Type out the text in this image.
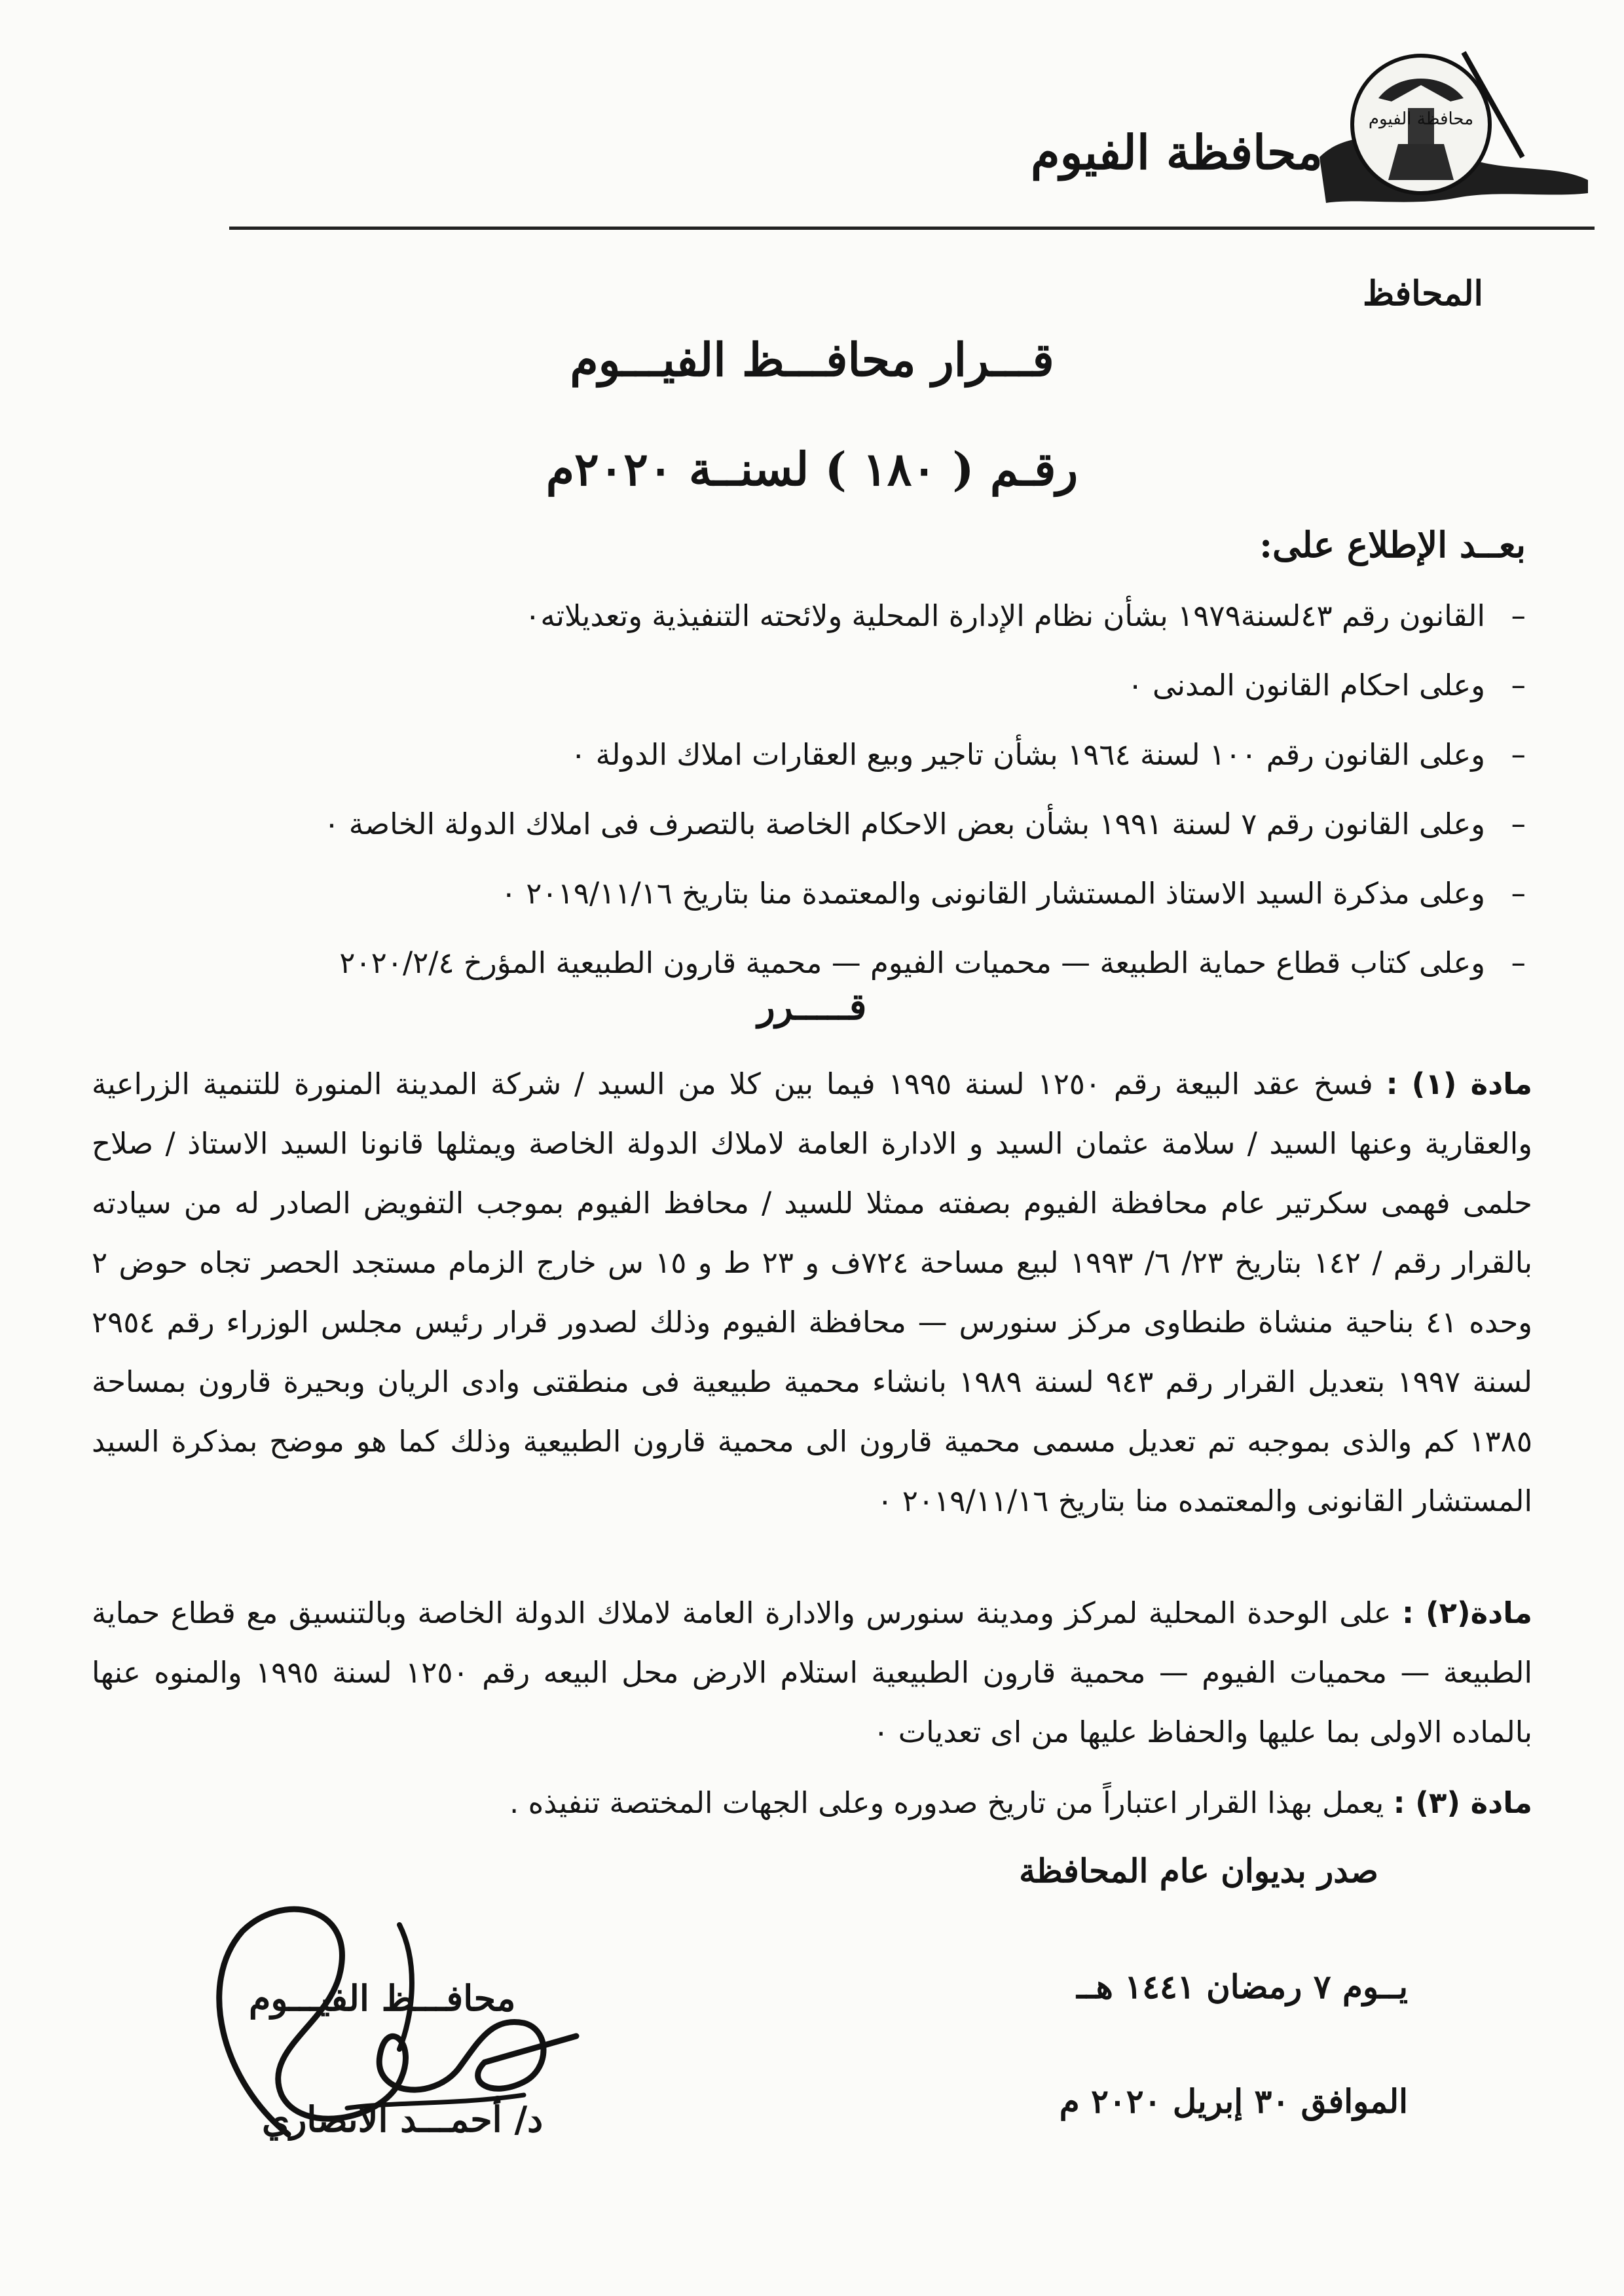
محافظة الفيوم
محافظة الفيوم
المحافظ
قـــرار محافـــظ الفيـــوم
رقـم ( ١٨٠ ) لسنــة ٢٠٢٠م
بعــد الإطلاع على:
–القانون رقم ٤٣لسنة١٩٧٩ بشأن نظام الإدارة المحلية ولائحته التنفيذية وتعديلاته٠
–وعلى احكام القانون المدنى ٠
–وعلى القانون رقم ١٠٠ لسنة ١٩٦٤ بشأن تاجير وبيع العقارات املاك الدولة ٠
–وعلى القانون رقم ٧ لسنة ١٩٩١ بشأن بعض الاحكام الخاصة بالتصرف فى املاك الدولة الخاصة ٠
–وعلى مذكرة السيد الاستاذ المستشار القانونى والمعتمدة منا بتاريخ ٢٠١٩/١١/١٦ ٠
–وعلى كتاب قطاع حماية الطبيعة — محميات الفيوم — محمية قارون الطبيعية المؤرخ ٢٠٢٠/٢/٤
قـــــرر
مادة (١) : فسخ عقد البيعة رقم ١٢٥٠ لسنة ١٩٩٥ فيما بين كلا من السيد / شركة المدينة المنورة للتنمية الزراعية والعقارية وعنها السيد / سلامة عثمان السيد و الادارة العامة لاملاك الدولة الخاصة ويمثلها قانونا السيد الاستاذ / صلاح حلمى فهمى سكرتير عام محافظة الفيوم بصفته ممثلا للسيد / محافظ الفيوم بموجب التفويض الصادر له من سيادته بالقرار رقم / ١٤٢ بتاريخ ٢٣/ ٦/ ١٩٩٣ لبيع مساحة ٧٢٤ف و ٢٣ ط و ١٥ س خارج الزمام مستجد الحصر تجاه حوض ٢ وحده ٤١ بناحية منشاة طنطاوى مركز سنورس — محافظة الفيوم وذلك لصدور قرار رئيس مجلس الوزراء رقم ٢٩٥٤ لسنة ١٩٩٧ بتعديل القرار رقم ٩٤٣ لسنة ١٩٨٩ بانشاء محمية طبيعية فى منطقتى وادى الريان وبحيرة قارون بمساحة ١٣٨٥ كم والذى بموجبه تم تعديل مسمى محمية قارون الى محمية قارون الطبيعية وذلك كما هو موضح بمذكرة السيد المستشار القانونى والمعتمده منا بتاريخ ٢٠١٩/١١/١٦ ٠
مادة(٢) : على الوحدة المحلية لمركز ومدينة سنورس والادارة العامة لاملاك الدولة الخاصة وبالتنسيق مع قطاع حماية الطبيعة — محميات الفيوم — محمية قارون الطبيعية استلام الارض محل البيعه رقم ١٢٥٠ لسنة ١٩٩٥ والمنوه عنها بالماده الاولى بما عليها والحفاظ عليها من اى تعديات ٠
مادة (٣) : يعمل بهذا القرار اعتباراً من تاريخ صدوره وعلى الجهات المختصة تنفيذه .
صدر بديوان عام المحافظة
يــوم ٧ رمضان ١٤٤١ هــ
الموافق ٣٠ إبريل ٢٠٢٠ م
محافـــظ الفيـــوم
د/ أحمـــد الانصاري
